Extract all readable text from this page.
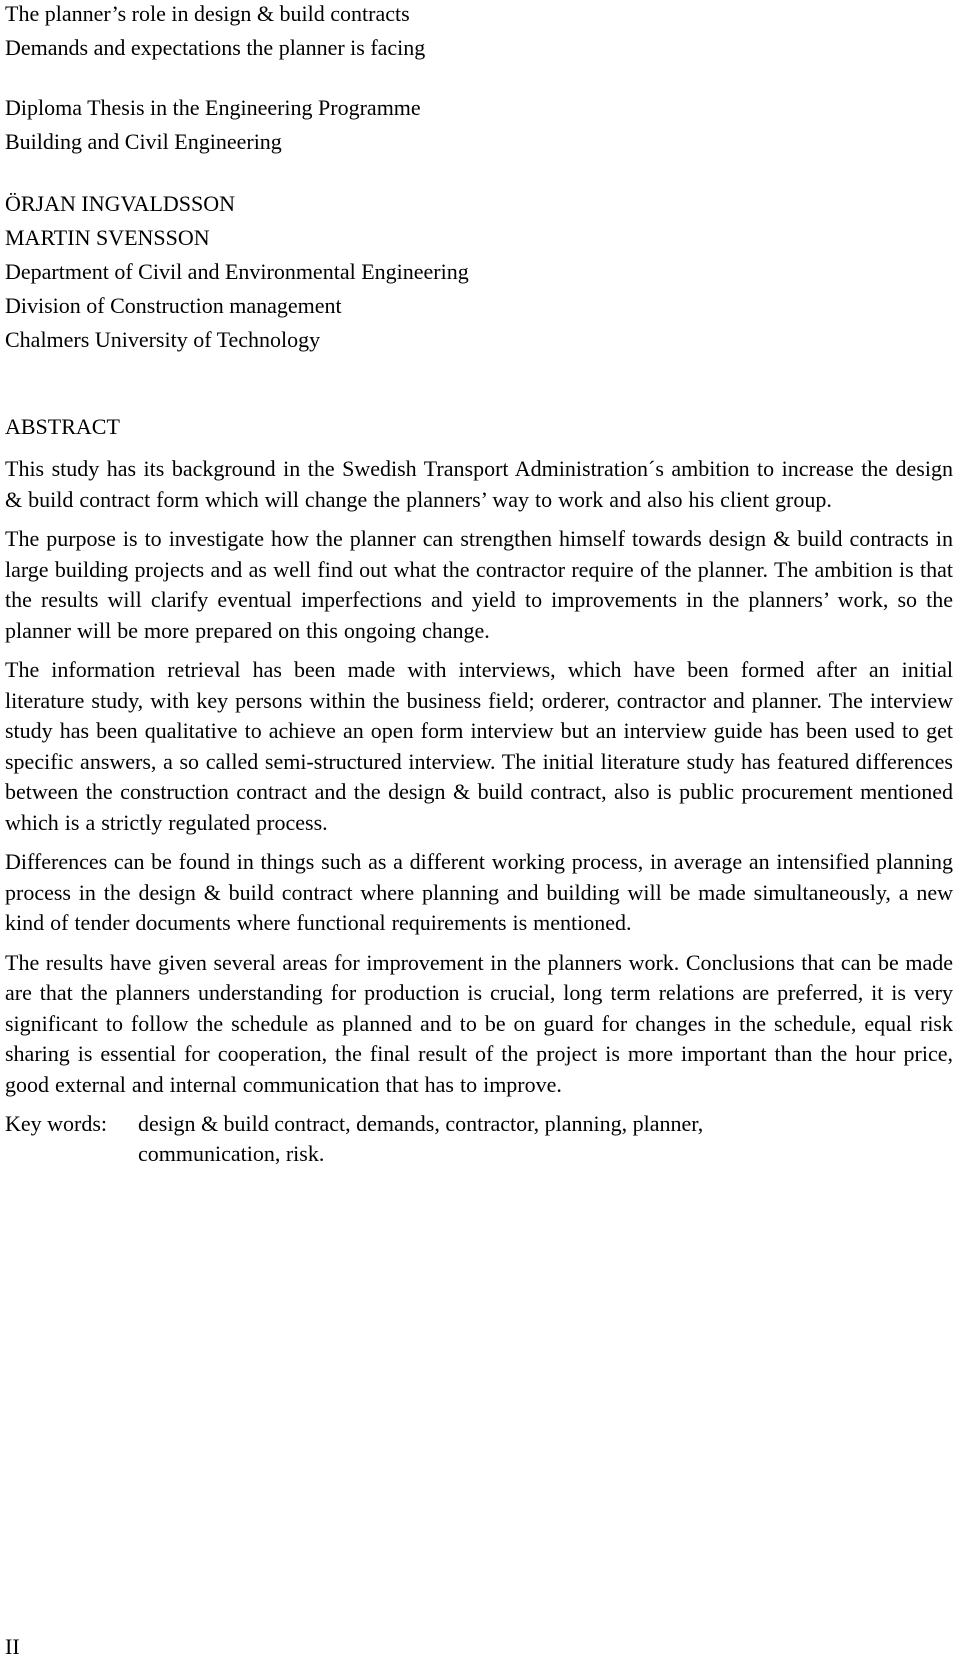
The planner’s role in design & build contracts
Demands and expectations the planner is facing
Diploma Thesis in the Engineering Programme
Building and Civil Engineering
ÖRJAN INGVALDSSON
MARTIN SVENSSON
Department of Civil and Environmental Engineering
Division of Construction management
Chalmers University of Technology
ABSTRACT

This study has its background in the Swedish Transport Administration´s ambition to increase the design & build contract form which will change the planners’ way to work and also his client group.

The purpose is to investigate how the planner can strengthen himself towards design & build contracts in large building projects and as well find out what the contractor require of the planner. The ambition is that the results will clarify eventual imperfections and yield to improvements in the planners’ work, so the planner will be more prepared on this ongoing change.

The information retrieval has been made with interviews, which have been formed after an initial literature study, with key persons within the business field; orderer, contractor and planner. The interview study has been qualitative to achieve an open form interview but an interview guide has been used to get specific answers, a so called semi-structured interview. The initial literature study has featured differences between the construction contract and the design & build contract, also is public procurement mentioned which is a strictly regulated process.

Differences can be found in things such as a different working process, in average an intensified planning process in the design & build contract where planning and building will be made simultaneously, a new kind of tender documents where functional requirements is mentioned.

The results have given several areas for improvement in the planners work. Conclusions that can be made are that the planners understanding for production is crucial, long term relations are preferred, it is very significant to follow the schedule as planned and to be on guard for changes in the schedule, equal risk sharing is essential for cooperation, the final result of the project is more important than the hour price, good external and internal communication that has to improve.

Key words:	design & build contract, demands, contractor, planning, planner, communication, risk.
II
